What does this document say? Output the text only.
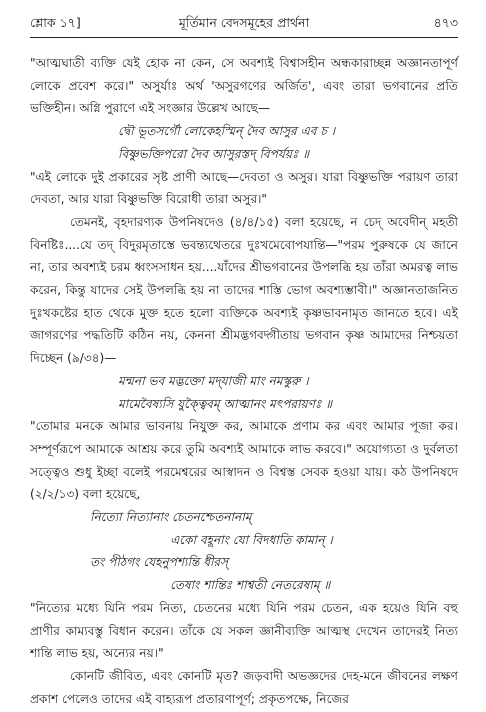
শ্লোক ১৭]	মূর্তিমান বেদসমূহের প্রার্থনা	৪৭৩

"আত্মঘাতী ব্যক্তি যেই হোক না কেন, সে অবশ্যই বিশ্বাসহীন অন্ধকারাচ্ছন্ন অজ্ঞানতাপূর্ণ লোকে প্রবেশ করে।" অসুর্যাঃ অর্থ 'অসুরগণের অর্জিত', এবং তারা ভগবানের প্রতি ভক্তিহীন। অগ্নি পুরাণে এই সংজ্ঞার উল্লেখ আছে—

দ্বৌ ভূতসর্গৌ লোকেহস্মিন্ দৈব আসুর এব চ ।
বিষ্ণুভক্তিপরো দৈব আসুরস্তদ্ বিপর্যয়ঃ ॥

"এই লোকে দুই প্রকারের সৃষ্ট প্রাণী আছে—দেবতা ও অসুর। যারা বিষ্ণুভক্তি পরায়ণ তারা দেবতা, আর যারা বিষ্ণুভক্তি বিরোধী তারা অসুর।"

তেমনই, বৃহদারণ্যক উপনিষদেও (৪/৪/১৫) বলা হয়েছে, ন চেদ্ অবেদীন্ মহতী বিনষ্টিঃ....যে তদ্ বিদুরমৃতাস্তে ভবন্ত্যথেতরে দুঃখমেবোপযান্তি—"পরম পুরুষকে যে জানে না, তার অবশ্যই চরম ধ্বংসসাধন হয়....যাঁদের শ্রীভগবানের উপলব্ধি হয় তাঁরা অমরত্ব লাভ করেন, কিন্তু যাদের সেই উপলব্ধি হয় না তাদের শাস্তি ভোগ অবশ্যম্ভাবী।" অজ্ঞানতাজনিত দুঃখকষ্টের হাত থেকে মুক্ত হতে হলো ব্যক্তিকে অবশ্যই কৃষ্ণভাবনামৃত জানতে হবে। এই জাগরণের পদ্ধতিটি কঠিন নয়, কেননা শ্রীমদ্ভগবদ্গীতায় ভগবান কৃষ্ণ আমাদের নিশ্চয়তা দিচ্ছেন (৯/৩৪)—

মন্মনা ভব মদ্ভক্তো মদ্‌যাজী মাং নমস্কুরু ।
মামেবৈষ্যসি যুক্ত্বৈবম্ আত্মানং মৎপরায়ণঃ ॥

"তোমার মনকে আমার ভাবনায় নিযুক্ত কর, আমাকে প্রণাম কর এবং আমার পূজা কর। সম্পূর্ণরূপে আমাকে আশ্রয় করে তুমি অবশ্যই আমাকে লাভ করবে।" অযোগ্যতা ও দুর্বলতা সত্ত্বেও শুধু ইচ্ছা বলেই পরমেশ্বরের আস্বাদন ও বিশ্বস্ত সেবক হওয়া যায়। কঠ উপনিষদে (২/২/১৩) বলা হয়েছে,

নিত্যো নিত্যানাং চেতনশ্চেতনানাম্
একো বহূনাং যো বিদধাতি কামান্ ।
তং পীঠগং যেহনুপশ্যন্তি ধীরস্
তেষাং শান্তিঃ শাশ্বতী নেতরেষাম্ ॥

"নিত্যের মধ্যে যিনি পরম নিত্য, চেতনের মধ্যে যিনি পরম চেতন, এক হয়েও যিনি বহু প্রাণীর কাম্যবস্তু বিধান করেন। তাঁকে যে সকল জ্ঞানীব্যক্তি আত্মস্থ দেখেন তাদেরই নিত্য শান্তি লাভ হয়, অন্যের নয়।"

কোনটি জীবিত, এবং কোনটি মৃত? জড়বাদী অভজ্ঞদের দেহ-মনে জীবনের লক্ষণ প্রকাশ পেলেও তাদের এই বাহ্যরূপ প্রতারণাপূর্ণ; প্রকৃতপক্ষে, নিজের
